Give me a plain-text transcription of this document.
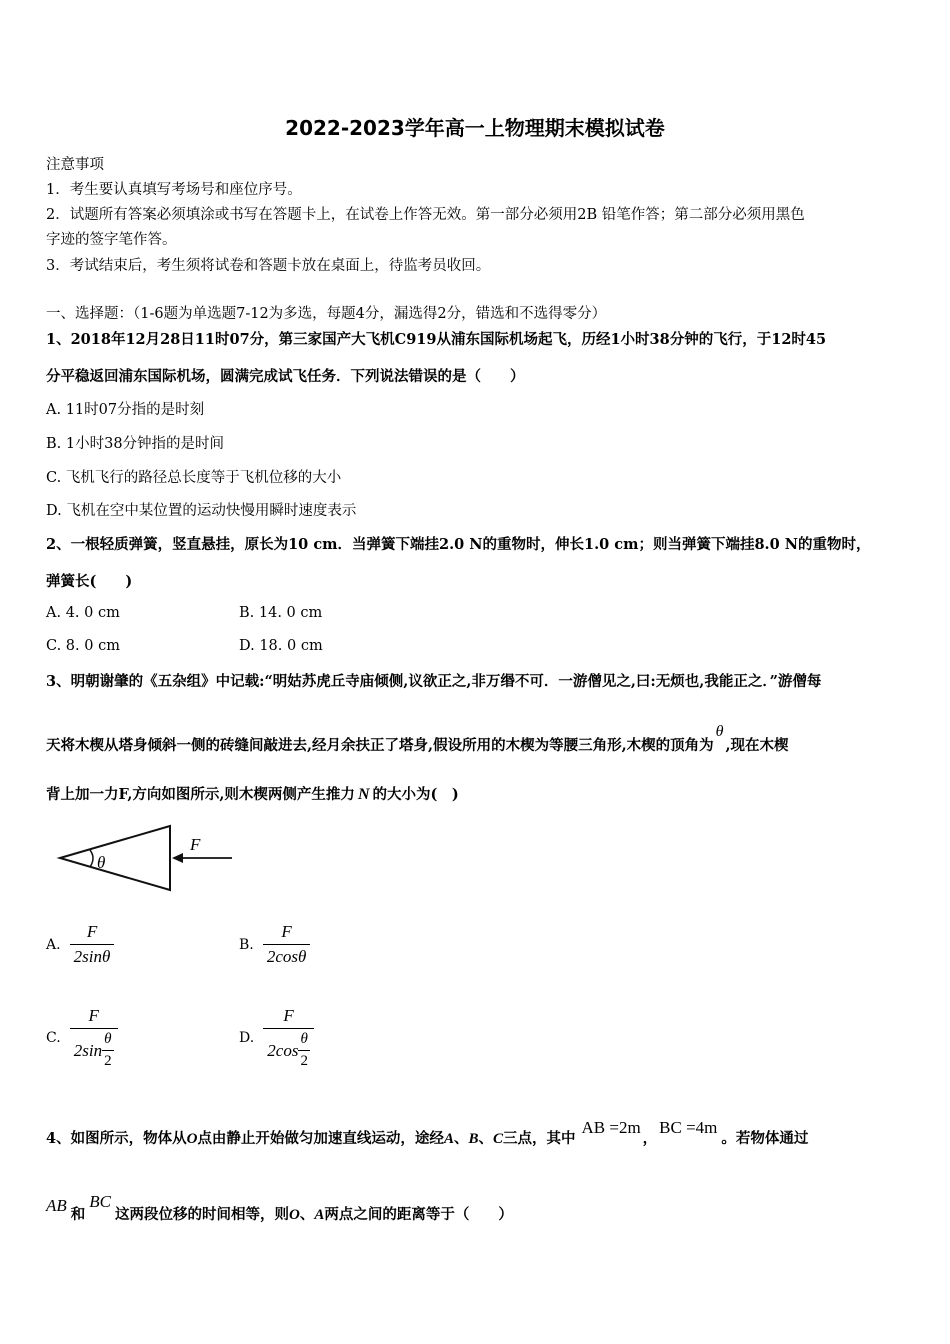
2022-2023学年高一上物理期末模拟试卷
注意事项
1．考生要认真填写考场号和座位序号。
2．试题所有答案必须填涂或书写在答题卡上，在试卷上作答无效。第一部分必须用2B 铅笔作答；第二部分必须用黑色
字迹的签字笔作答。
3．考试结束后，考生须将试卷和答题卡放在桌面上，待监考员收回。
一、选择题：（1-6题为单选题7-12为多选，每题4分，漏选得2分，错选和不选得零分）
1、2018年12月28日11时07分，第三家国产大飞机C919从浦东国际机场起飞，历经1小时38分钟的飞行，于12时45
分平稳返回浦东国际机场，圆满完成试飞任务．下列说法错误的是（　　）
A. 11时07分指的是时刻
B. 1小时38分钟指的是时间
C. 飞机飞行的路径总长度等于飞机位移的大小
D. 飞机在空中某位置的运动快慢用瞬时速度表示
2、一根轻质弹簧，竖直悬挂，原长为10 cm．当弹簧下端挂2.0 N的重物时，伸长1.0 cm；则当弹簧下端挂8.0 N的重物时，
弹簧长(　　)
A. 4. 0 cm	B. 14. 0 cm
C. 8. 0 cm	D. 18. 0 cm
3、明朝谢肇的《五杂组》中记载:“明姑苏虎丘寺庙倾侧,议欲正之,非万缗不可．一游僧见之,曰:无烦也,我能正之．”游僧每
天将木楔从塔身倾斜一侧的砖缝间敲进去,经月余扶正了塔身,假设所用的木楔为等腰三角形,木楔的顶角为θ,现在木楔
背上加一力F,方向如图所示,则木楔两侧产生推力 N 的大小为(　)
θ
F
A. $\frac{F}{2\sin\theta}$	B. $\frac{F}{2\cos\theta}$
C. $\frac{F}{2\sin \frac{\theta}{2}}$	D. $\frac{F}{2\cos \frac{\theta}{2}}$
4、如图所示，物体从O点由静止开始做匀加速直线运动，途经A、B、C三点，其中AB =2m，BC =4m。若物体通过
AB 和BC这两段位移的时间相等，则O、A两点之间的距离等于（　　）
